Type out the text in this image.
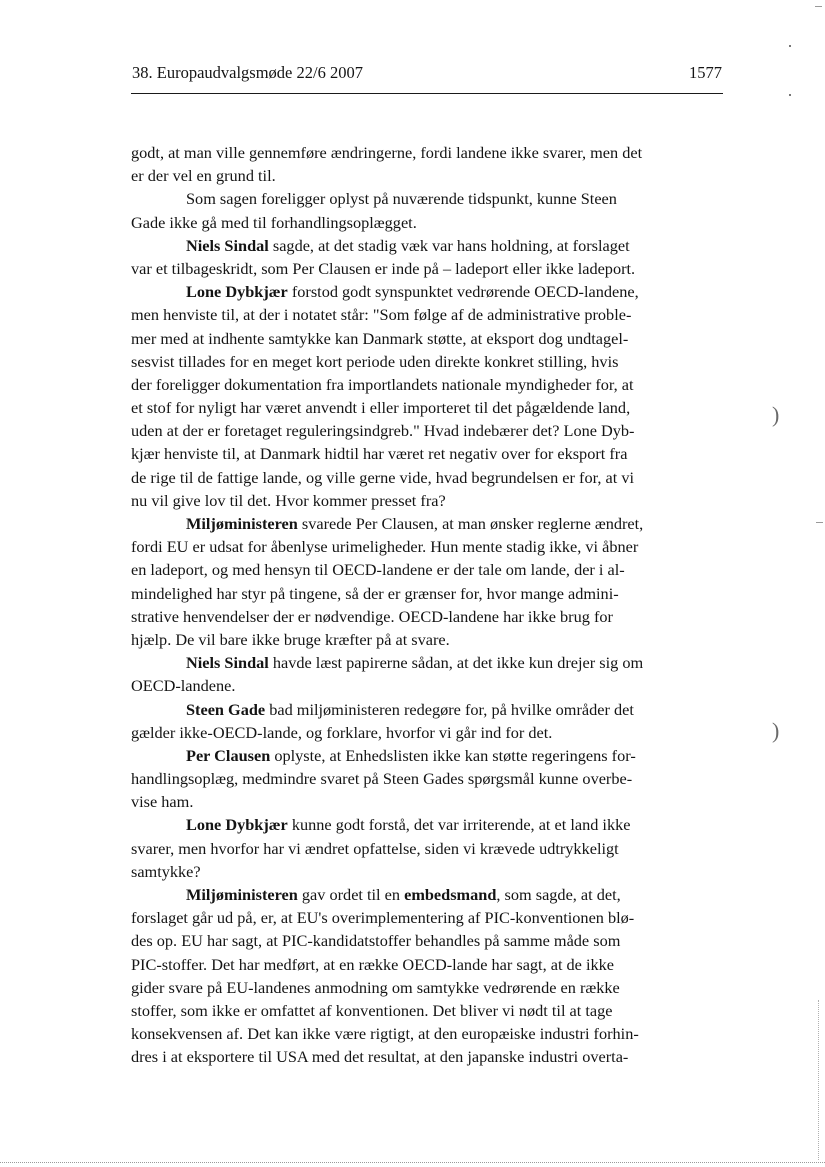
38. Europaudvalgsmøde 22/6 2007	1577
godt, at man ville gennemføre ændringerne, fordi landene ikke svarer, men det
er der vel en grund til.
Som sagen foreligger oplyst på nuværende tidspunkt, kunne Steen
Gade ikke gå med til forhandlingsoplægget.
Niels Sindal sagde, at det stadig væk var hans holdning, at forslaget
var et tilbageskridt, som Per Clausen er inde på – ladeport eller ikke ladeport.
Lone Dybkjær forstod godt synspunktet vedrørende OECD-landene,
men henviste til, at der i notatet står: "Som følge af de administrative proble-
mer med at indhente samtykke kan Danmark støtte, at eksport dog undtagel-
sesvist tillades for en meget kort periode uden direkte konkret stilling, hvis
der foreligger dokumentation fra importlandets nationale myndigheder for, at
et stof for nyligt har været anvendt i eller importeret til det pågældende land,
uden at der er foretaget reguleringsindgreb." Hvad indebærer det? Lone Dyb-
kjær henviste til, at Danmark hidtil har været ret negativ over for eksport fra
de rige til de fattige lande, og ville gerne vide, hvad begrundelsen er for, at vi
nu vil give lov til det. Hvor kommer presset fra?
Miljøministeren svarede Per Clausen, at man ønsker reglerne ændret,
fordi EU er udsat for åbenlyse urimeligheder. Hun mente stadig ikke, vi åbner
en ladeport, og med hensyn til OECD-landene er der tale om lande, der i al-
mindelighed har styr på tingene, så der er grænser for, hvor mange admini-
strative henvendelser der er nødvendige. OECD-landene har ikke brug for
hjælp. De vil bare ikke bruge kræfter på at svare.
Niels Sindal havde læst papirerne sådan, at det ikke kun drejer sig om
OECD-landene.
Steen Gade bad miljøministeren redegøre for, på hvilke områder det
gælder ikke-OECD-lande, og forklare, hvorfor vi går ind for det.
Per Clausen oplyste, at Enhedslisten ikke kan støtte regeringens for-
handlingsoplæg, medmindre svaret på Steen Gades spørgsmål kunne overbe-
vise ham.
Lone Dybkjær kunne godt forstå, det var irriterende, at et land ikke
svarer, men hvorfor har vi ændret opfattelse, siden vi krævede udtrykkeligt
samtykke?
Miljøministeren gav ordet til en embedsmand, som sagde, at det,
forslaget går ud på, er, at EU's overimplementering af PIC-konventionen blø-
des op. EU har sagt, at PIC-kandidatstoffer behandles på samme måde som
PIC-stoffer. Det har medført, at en række OECD-lande har sagt, at de ikke
gider svare på EU-landenes anmodning om samtykke vedrørende en række
stoffer, som ikke er omfattet af konventionen. Det bliver vi nødt til at tage
konsekvensen af. Det kan ikke være rigtigt, at den europæiske industri forhin-
dres i at eksportere til USA med det resultat, at den japanske industri overta-
)
)
